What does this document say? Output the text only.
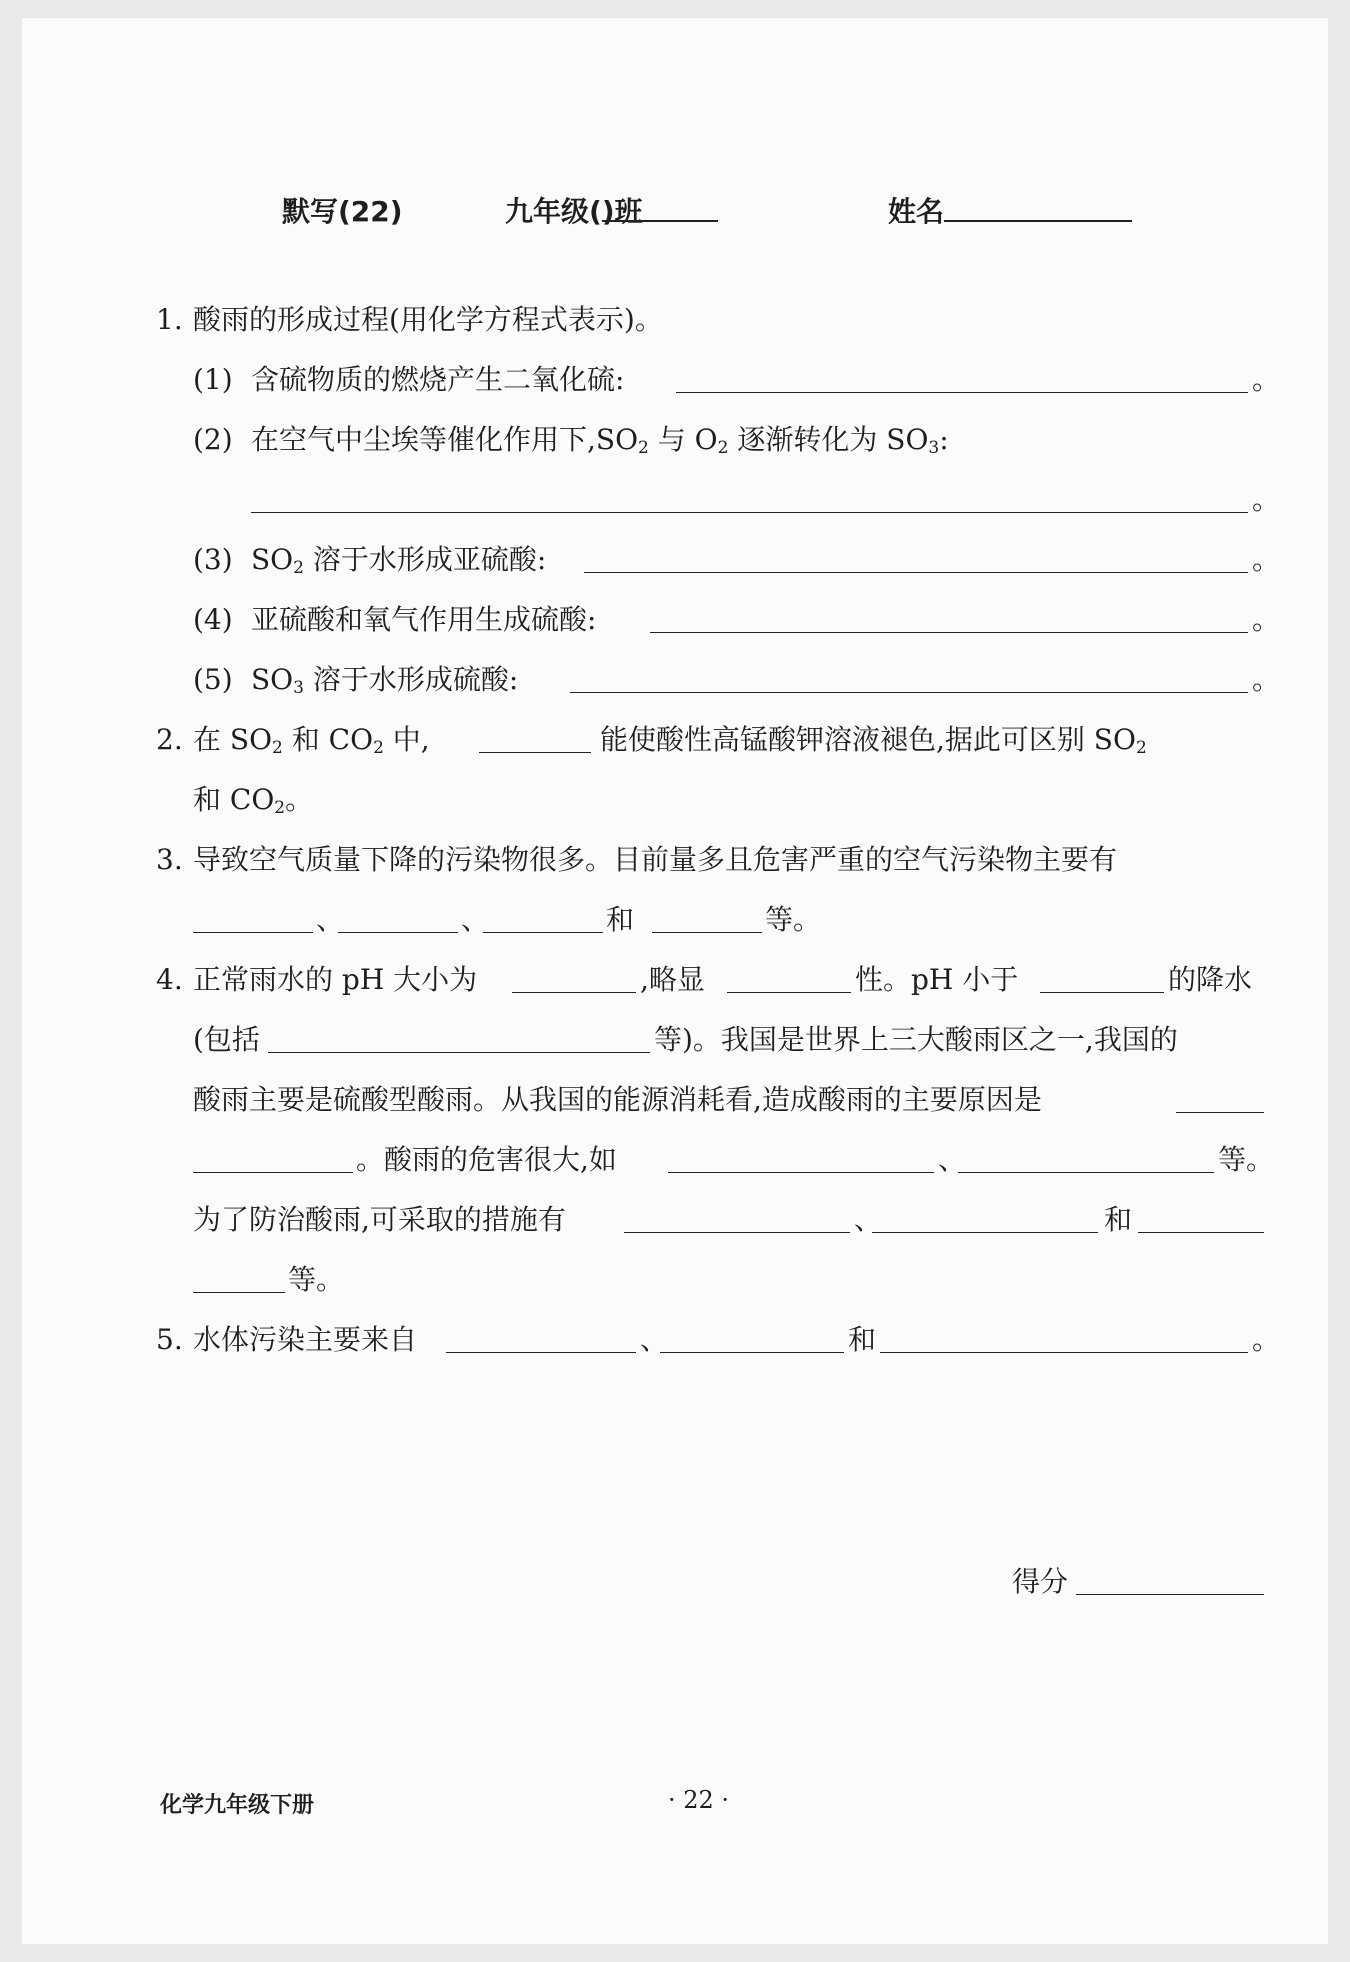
默写(22)	九年级(
)班	姓名
1. 酸雨的形成过程(用化学方程式表示)。
(1) 含硫物质的燃烧产生二氧化硫:	。
(2) 在空气中尘埃等催化作用下$,SO_2$ 与 $O_2$ 逐渐转化为 $SO_3$:
。
(3) $SO_2$ 溶于水形成亚硫酸:	。
(4) 亚硫酸和氧气作用生成硫酸:	。
(5) $SO_3$ 溶于水形成硫酸:	。
2. 在 $SO_2$ 和 $CO_2$ 中,	能使酸性高锰酸钾溶液褪色,据此可区别 $SO_2$
和 $CO_2$。
3. 导致空气质量下降的污染物很多。目前量多且危害严重的空气污染物主要有
、	、	和	等。
4. 正常雨水的 pH 大小为	,略显	性。pH 小于	的降水
(包括	等)。我国是世界上三大酸雨区之一,我国的
酸雨主要是硫酸型酸雨。从我国的能源消耗看,造成酸雨的主要原因是
。酸雨的危害很大,如	、	等。
为了防治酸雨,可采取的措施有	、	和
等。
5. 水体污染主要来自	、	和	。
得分
化学九年级下册	· 22 ·
